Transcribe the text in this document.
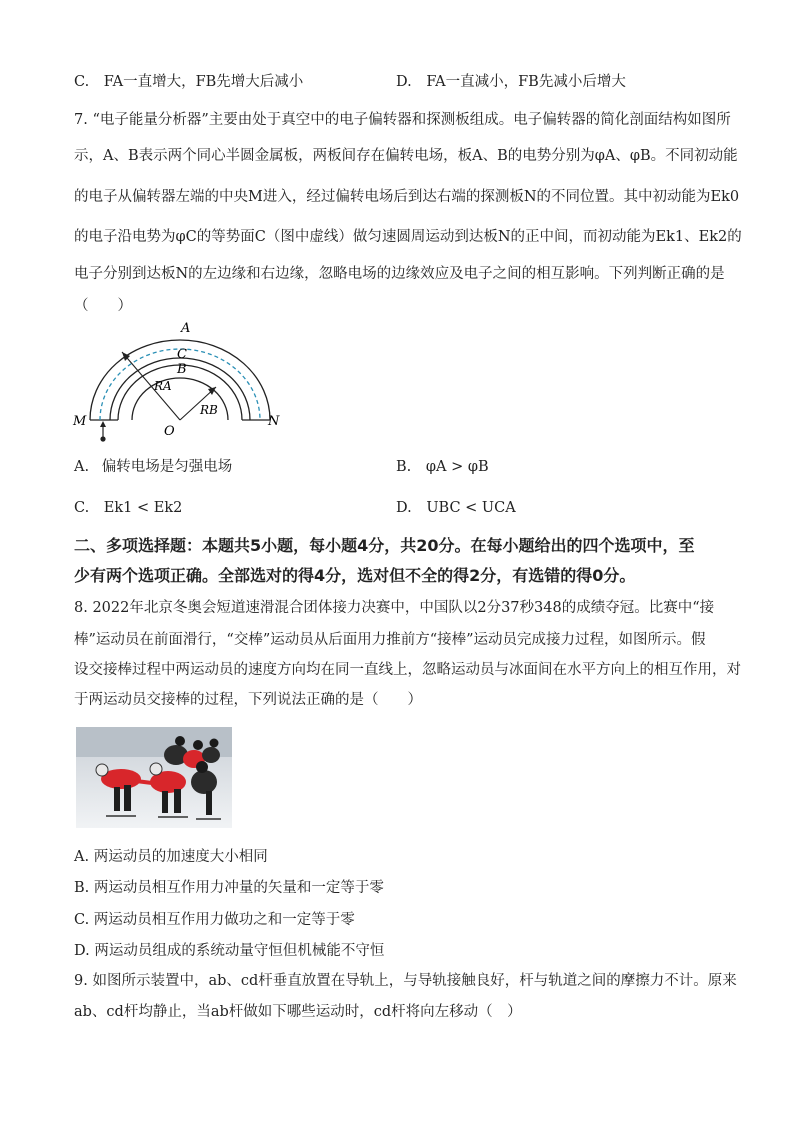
C. FA一直增大，FB先增大后减小	D. FA一直减小，FB先减小后增大
7. “电子能量分析器”主要由处于真空中的电子偏转器和探测板组成。电子偏转器的简化剖面结构如图所
示，A、B表示两个同心半圆金属板，两板间存在偏转电场，板A、B的电势分别为φA、φB。不同初动能
的电子从偏转器左端的中央M进入，经过偏转电场后到达右端的探测板N的不同位置。其中初动能为Ek0
的电子沿电势为φC的等势面C（图中虚线）做匀速圆周运动到达板N的正中间，而初动能为Ek1、Ek2的
电子分别到达板N的左边缘和右边缘，忽略电场的边缘效应及电子之间的相互影响。下列判断正确的是
（　　）
A
C
B
RA
RB
M
O
N
A. 偏转电场是匀强电场	B. φA > φB
C. Ek1 < Ek2	D. UBC < UCA
二、多项选择题：本题共5小题，每小题4分，共20分。在每小题给出的四个选项中，至
少有两个选项正确。全部选对的得4分，选对但不全的得2分，有选错的得0分。
8. 2022年北京冬奥会短道速滑混合团体接力决赛中，中国队以2分37秒348的成绩夺冠。比赛中“接
棒”运动员在前面滑行，“交棒”运动员从后面用力推前方“接棒”运动员完成接力过程，如图所示。假
设交接棒过程中两运动员的速度方向均在同一直线上，忽略运动员与冰面间在水平方向上的相互作用，对
于两运动员交接棒的过程，下列说法正确的是（　　）
A. 两运动员的加速度大小相同
B. 两运动员相互作用力冲量的矢量和一定等于零
C. 两运动员相互作用力做功之和一定等于零
D. 两运动员组成的系统动量守恒但机械能不守恒
9. 如图所示装置中，ab、cd杆垂直放置在导轨上，与导轨接触良好，杆与轨道之间的摩擦力不计。原来
ab、cd杆均静止，当ab杆做如下哪些运动时，cd杆将向左移动（　）
